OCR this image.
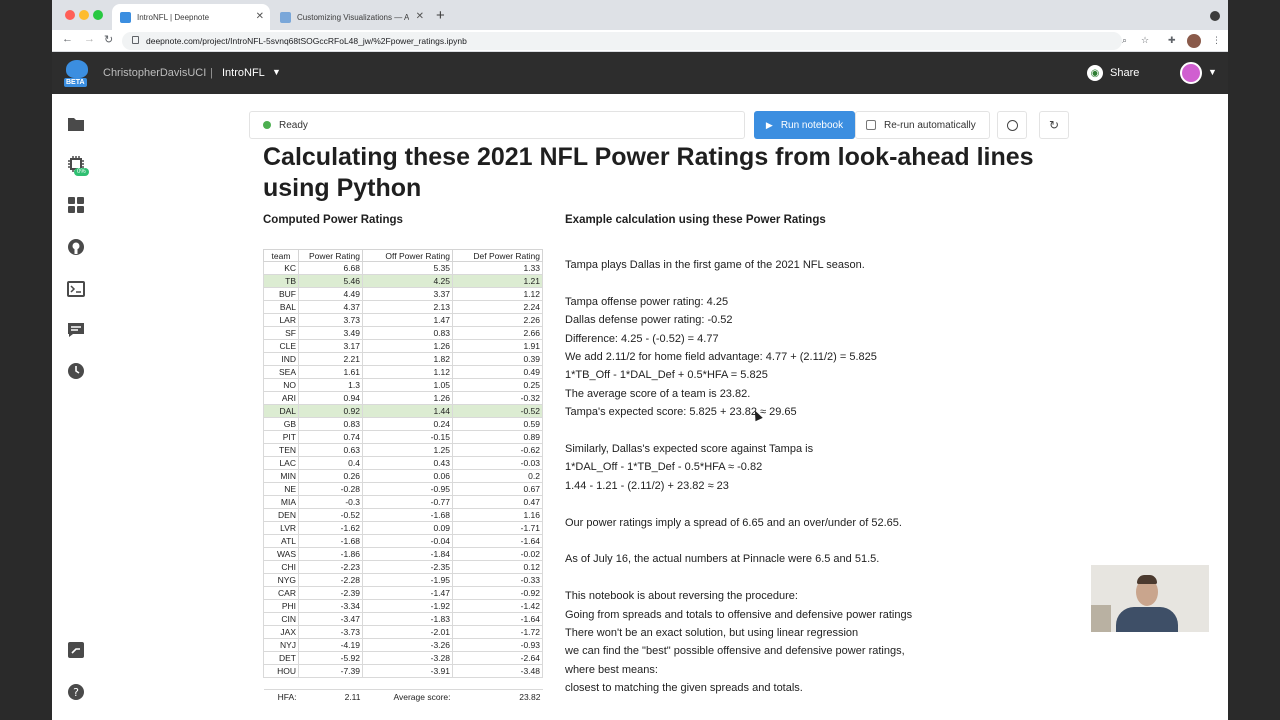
IntroNFL | Deepnote	✕	Customizing Visualizations — A ✕ +
← → ↻	deepnote.com/project/IntroNFL-5svnq68tSOGccRFoL48_jw/%2Fpower_ratings.ipynb	⌕ ☆ ✚	⋮
BETA
ChristopherDavisUCI | IntroNFL ▼	◉ Share	▼
0%
?
Ready	▶ Run notebook	Re-run automatically	↻
Calculating these 2021 NFL Power Ratings from look-ahead lines using Python
Computed Power Ratings	Example calculation using these Power Ratings
team	Power Rating	Off Power Rating	Def Power Rating
KC	6.68	5.35	1.33
TB	5.46	4.25	1.21
BUF	4.49	3.37	1.12
BAL	4.37	2.13	2.24
LAR	3.73	1.47	2.26
SF	3.49	0.83	2.66
CLE	3.17	1.26	1.91
IND	2.21	1.82	0.39
SEA	1.61	1.12	0.49
NO	1.3	1.05	0.25
ARI	0.94	1.26	-0.32
DAL	0.92	1.44	-0.52
GB	0.83	0.24	0.59
PIT	0.74	-0.15	0.89
TEN	0.63	1.25	-0.62
LAC	0.4	0.43	-0.03
MIN	0.26	0.06	0.2
NE	-0.28	-0.95	0.67
MIA	-0.3	-0.77	0.47
DEN	-0.52	-1.68	1.16
LVR	-1.62	0.09	-1.71
ATL	-1.68	-0.04	-1.64
WAS	-1.86	-1.84	-0.02
CHI	-2.23	-2.35	0.12
NYG	-2.28	-1.95	-0.33
CAR	-2.39	-1.47	-0.92
PHI	-3.34	-1.92	-1.42
CIN	-3.47	-1.83	-1.64
JAX	-3.73	-2.01	-1.72
NYJ	-4.19	-3.26	-0.93
DET	-5.92	-3.28	-2.64
HOU	-7.39	-3.91	-3.48

HFA:	2.11	Average score:	23.82
Tampa plays Dallas in the first game of the 2021 NFL season.
Tampa offense power rating: 4.25
Dallas defense power rating: -0.52
Difference: 4.25 - (-0.52) = 4.77
We add 2.11/2 for home field advantage: 4.77 + (2.11/2) = 5.825
1*TB_Off - 1*DAL_Def + 0.5*HFA = 5.825
The average score of a team is 23.82.
Tampa's expected score: 5.825 + 23.82 ≈ 29.65
Similarly, Dallas's expected score against Tampa is
1*DAL_Off - 1*TB_Def - 0.5*HFA ≈ -0.82
1.44 - 1.21 - (2.11/2) + 23.82 ≈ 23
Our power ratings imply a spread of 6.65 and an over/under of 52.65.
As of July 16, the actual numbers at Pinnacle were 6.5 and 51.5.
This notebook is about reversing the procedure:
Going from spreads and totals to offensive and defensive power ratings
There won't be an exact solution, but using linear regression
we can find the "best" possible offensive and defensive power ratings,
where best means:
closest to matching the given spreads and totals.
